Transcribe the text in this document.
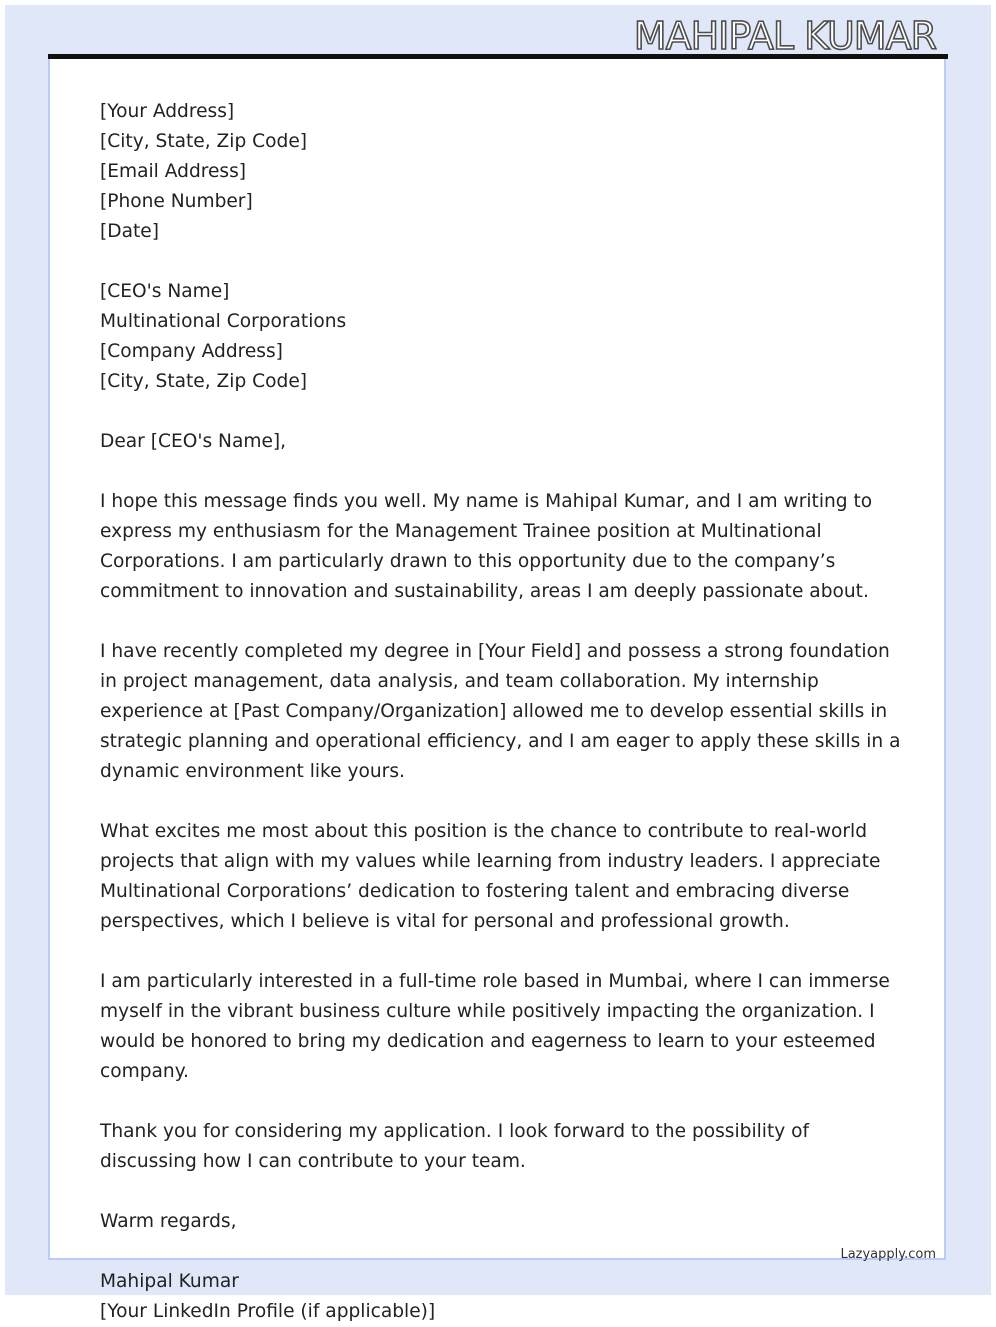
MAHIPAL KUMAR
[Your Address]
[City, State, Zip Code]
[Email Address]
[Phone Number]
[Date]
[CEO's Name]
Multinational Corporations
[Company Address]
[City, State, Zip Code]
Dear [CEO's Name],

I hope this message finds you well. My name is Mahipal Kumar, and I am writing to express my enthusiasm for the Management Trainee position at Multinational Corporations. I am particularly drawn to this opportunity due to the company’s commitment to innovation and sustainability, areas I am deeply passionate about.

I have recently completed my degree in [Your Field] and possess a strong foundation in project management, data analysis, and team collaboration. My internship experience at [Past Company/Organization] allowed me to develop essential skills in strategic planning and operational efficiency, and I am eager to apply these skills in a dynamic environment like yours.

What excites me most about this position is the chance to contribute to real-world projects that align with my values while learning from industry leaders. I appreciate Multinational Corporations’ dedication to fostering talent and embracing diverse perspectives, which I believe is vital for personal and professional growth.

I am particularly interested in a full-time role based in Mumbai, where I can immerse myself in the vibrant business culture while positively impacting the organization. I would be honored to bring my dedication and eagerness to learn to your esteemed company.

Thank you for considering my application. I look forward to the possibility of discussing how I can contribute to your team.

Warm regards,
Mahipal Kumar
[Your LinkedIn Profile (if applicable)]
Lazyapply.com
